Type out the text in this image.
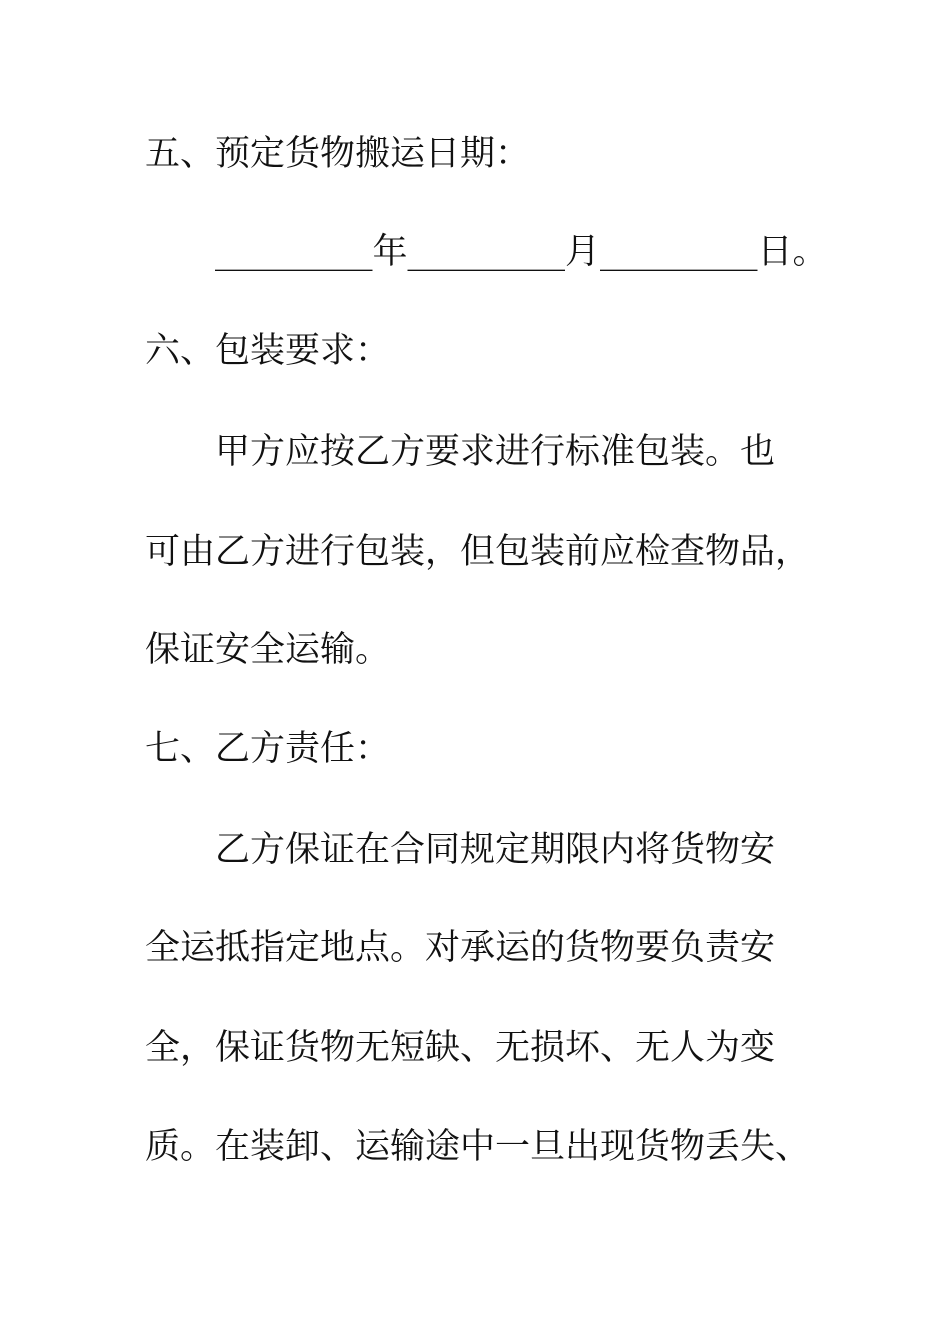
五、预定货物搬运日期：
_________年_________月_________日。
六、包装要求：
甲方应按乙方要求进行标准包装。也
可由乙方进行包装，但包装前应检查物品，
保证安全运输。
七、乙方责任：
乙方保证在合同规定期限内将货物安
全运抵指定地点。对承运的货物要负责安
全，保证货物无短缺、无损坏、无人为变
质。在装卸、运输途中一旦出现货物丢失、
